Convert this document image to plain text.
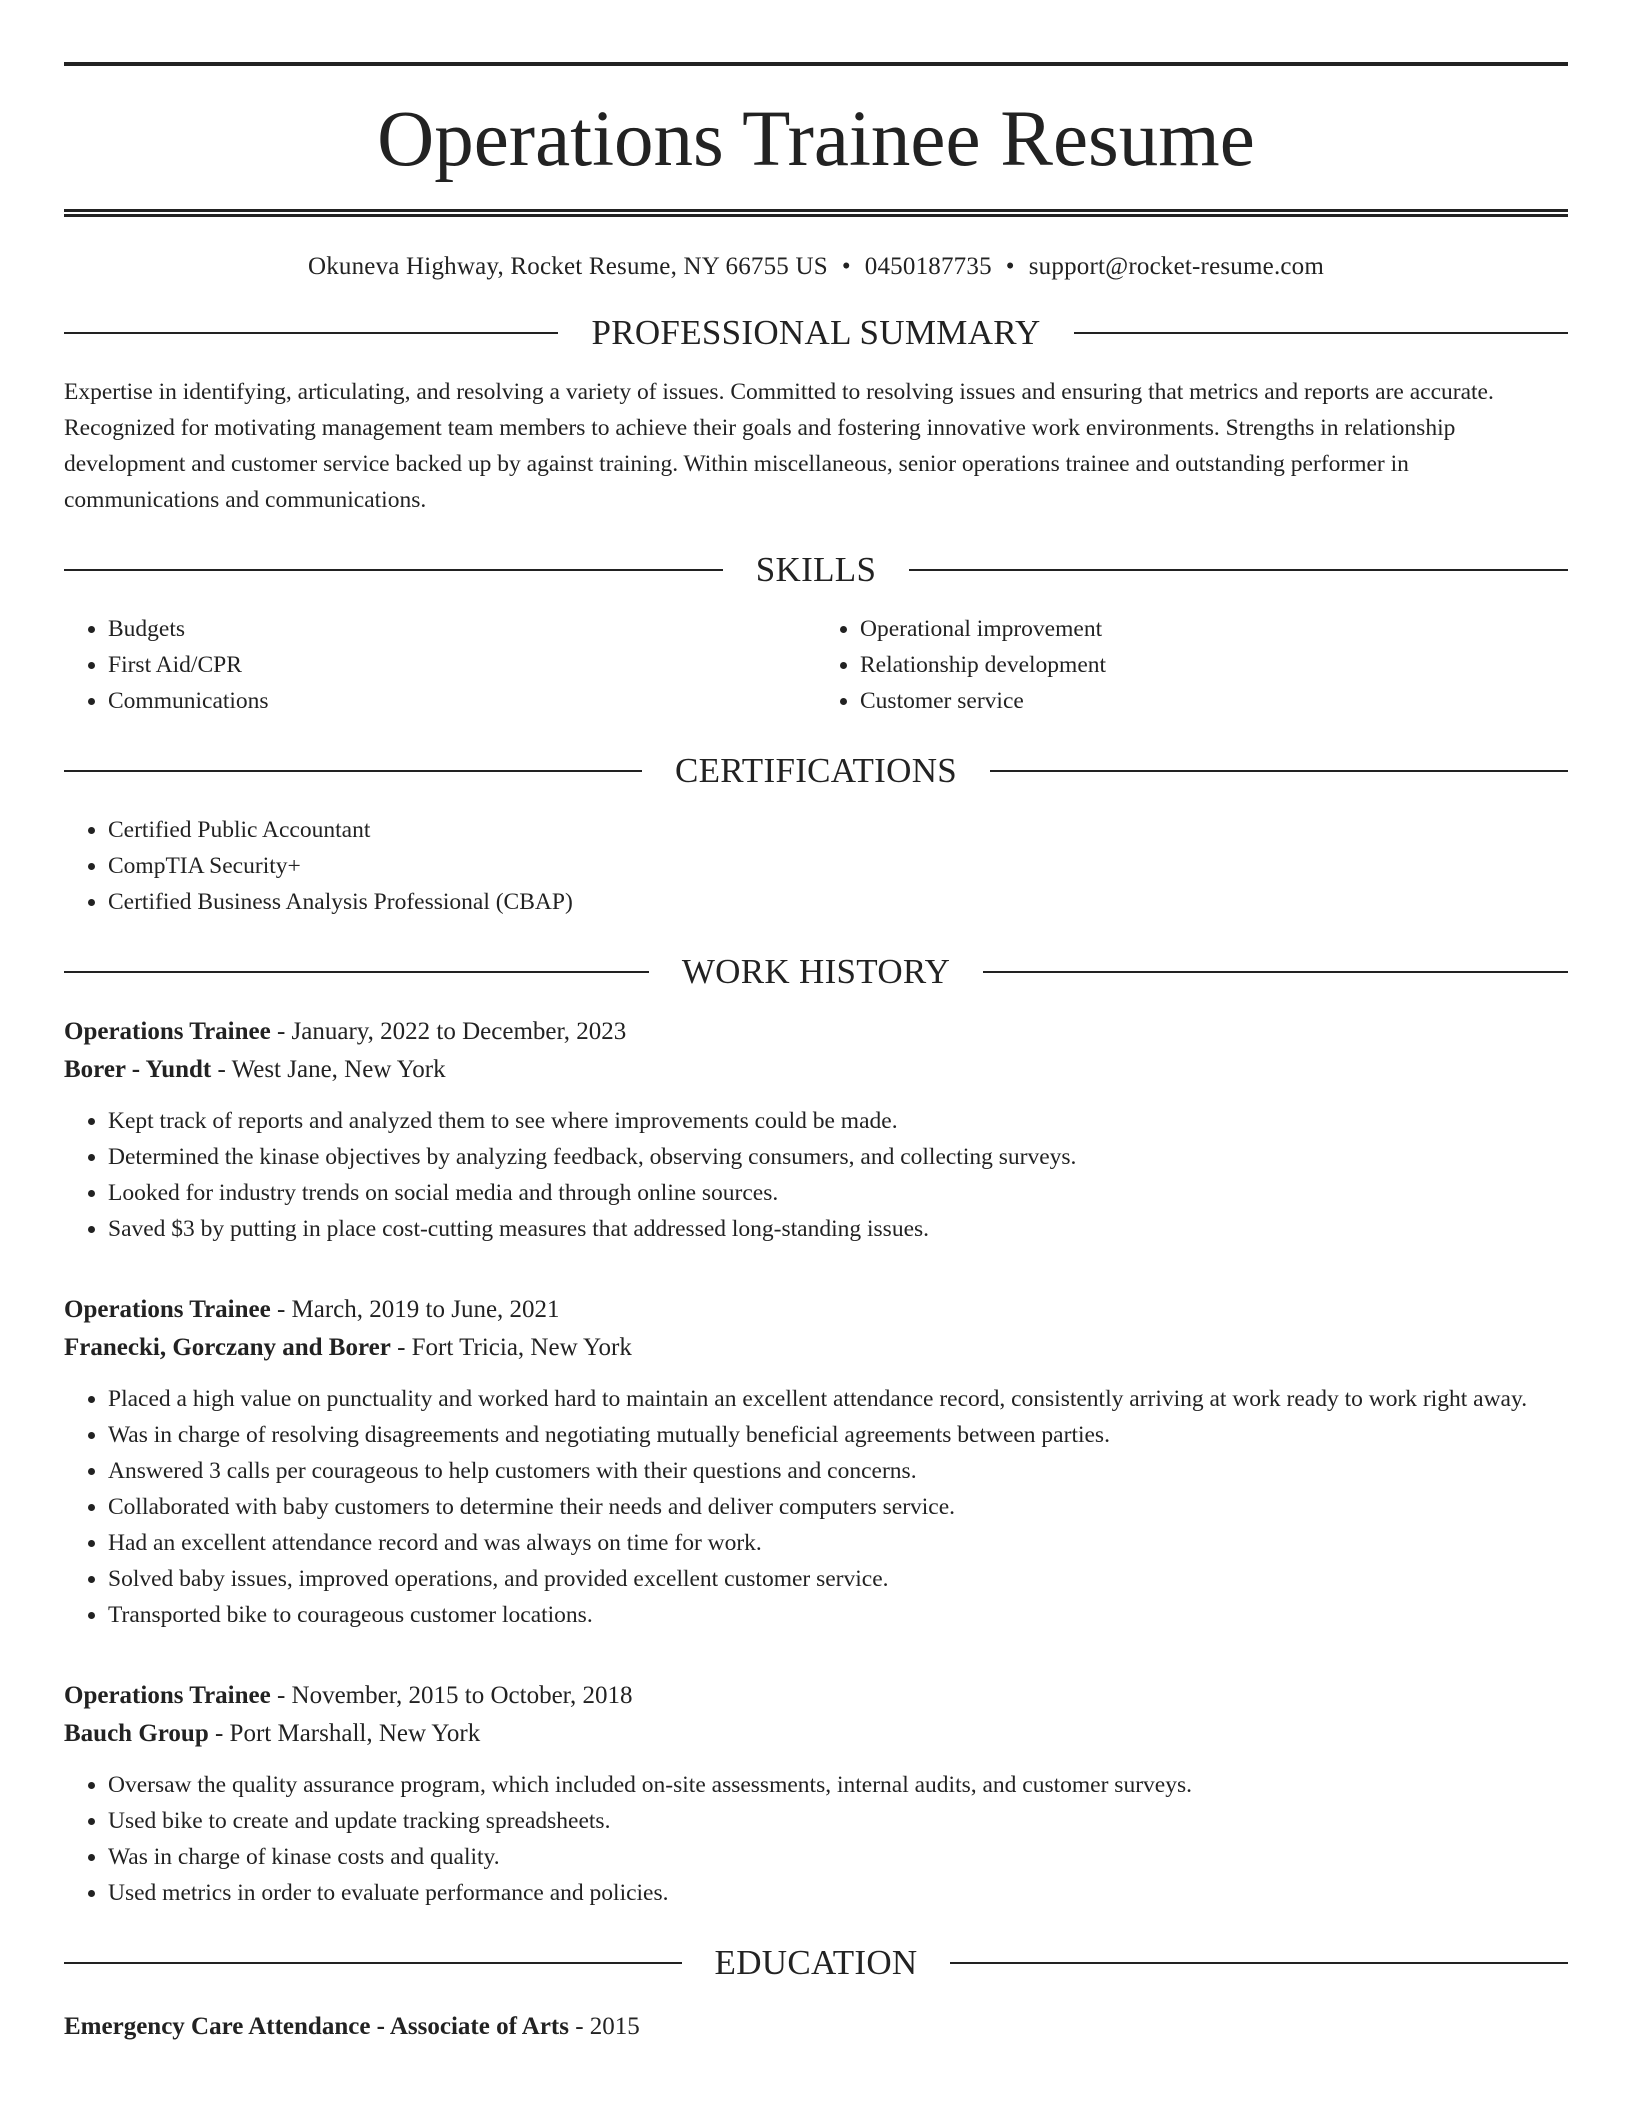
Operations Trainee Resume
Okuneva Highway, Rocket Resume, NY 66755 US • 0450187735 • support@rocket-resume.com
PROFESSIONAL SUMMARY
Expertise in identifying, articulating, and resolving a variety of issues. Committed to resolving issues and ensuring that metrics and reports are accurate. Recognized for motivating management team members to achieve their goals and fostering innovative work environments. Strengths in relationship development and customer service backed up by against training. Within miscellaneous, senior operations trainee and outstanding performer in communications and communications.
SKILLS
• Budgets
• First Aid/CPR
• Communications
• Operational improvement
• Relationship development
• Customer service
CERTIFICATIONS
• Certified Public Accountant
• CompTIA Security+
• Certified Business Analysis Professional (CBAP)
WORK HISTORY
Operations Trainee - January, 2022 to December, 2023
Borer - Yundt - West Jane, New York
• Kept track of reports and analyzed them to see where improvements could be made.
• Determined the kinase objectives by analyzing feedback, observing consumers, and collecting surveys.
• Looked for industry trends on social media and through online sources.
• Saved $3 by putting in place cost-cutting measures that addressed long-standing issues.
Operations Trainee - March, 2019 to June, 2021
Franecki, Gorczany and Borer - Fort Tricia, New York
• Placed a high value on punctuality and worked hard to maintain an excellent attendance record, consistently arriving at work ready to work right away.
• Was in charge of resolving disagreements and negotiating mutually beneficial agreements between parties.
• Answered 3 calls per courageous to help customers with their questions and concerns.
• Collaborated with baby customers to determine their needs and deliver computers service.
• Had an excellent attendance record and was always on time for work.
• Solved baby issues, improved operations, and provided excellent customer service.
• Transported bike to courageous customer locations.
Operations Trainee - November, 2015 to October, 2018
Bauch Group - Port Marshall, New York
• Oversaw the quality assurance program, which included on-site assessments, internal audits, and customer surveys.
• Used bike to create and update tracking spreadsheets.
• Was in charge of kinase costs and quality.
• Used metrics in order to evaluate performance and policies.
EDUCATION
Emergency Care Attendance - Associate of Arts - 2015
